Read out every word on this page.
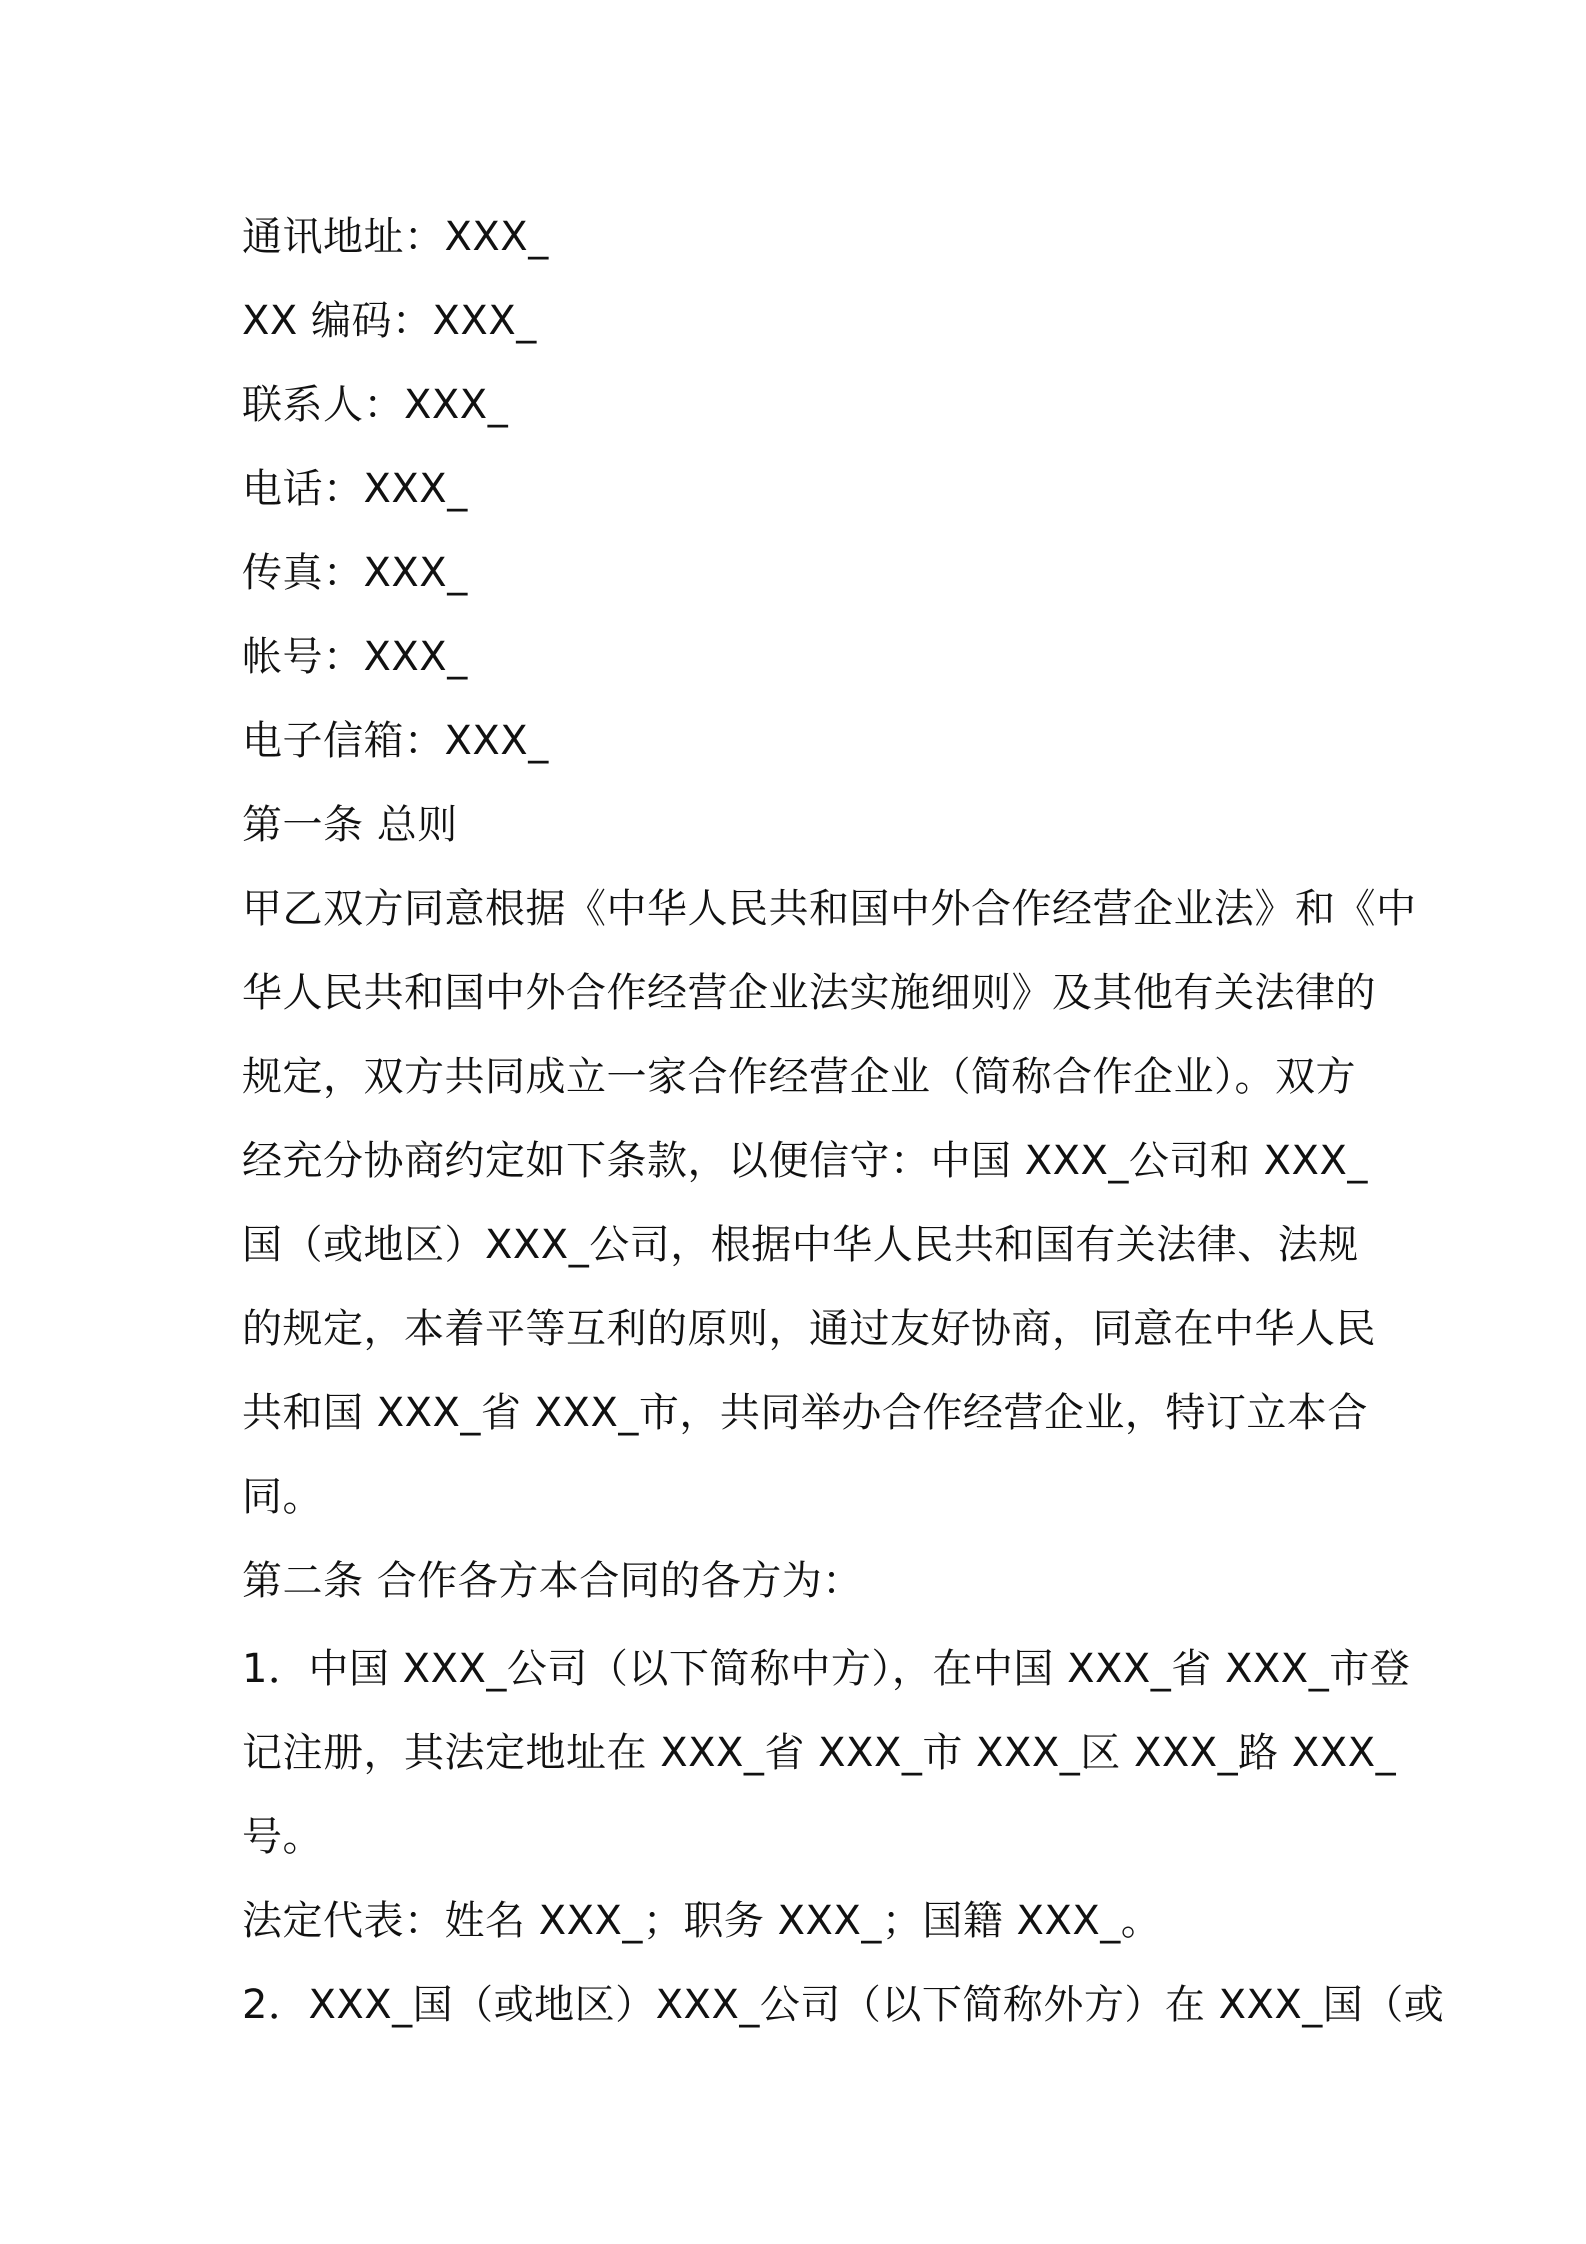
通讯地址：XXX_
XX 编码：XXX_
联系人：XXX_
电话：XXX_
传真：XXX_
帐号：XXX_
电子信箱：XXX_
第一条 总则
甲乙双方同意根据《中华人民共和国中外合作经营企业法》和《中
华人民共和国中外合作经营企业法实施细则》及其他有关法律的
规定，双方共同成立一家合作经营企业（简称合作企业）。双方
经充分协商约定如下条款，以便信守：中国 XXX_公司和 XXX_
国（或地区）XXX_公司，根据中华人民共和国有关法律、法规
的规定，本着平等互利的原则，通过友好协商，同意在中华人民
共和国 XXX_省 XXX_市，共同举办合作经营企业，特订立本合
同。
第二条 合作各方本合同的各方为：
1．中国 XXX_公司（以下简称中方），在中国 XXX_省 XXX_市登
记注册，其法定地址在 XXX_省 XXX_市 XXX_区 XXX_路 XXX_
号。
法定代表：姓名 XXX_；职务 XXX_；国籍 XXX_。
2．XXX_国（或地区）XXX_公司（以下简称外方）在 XXX_国（或
